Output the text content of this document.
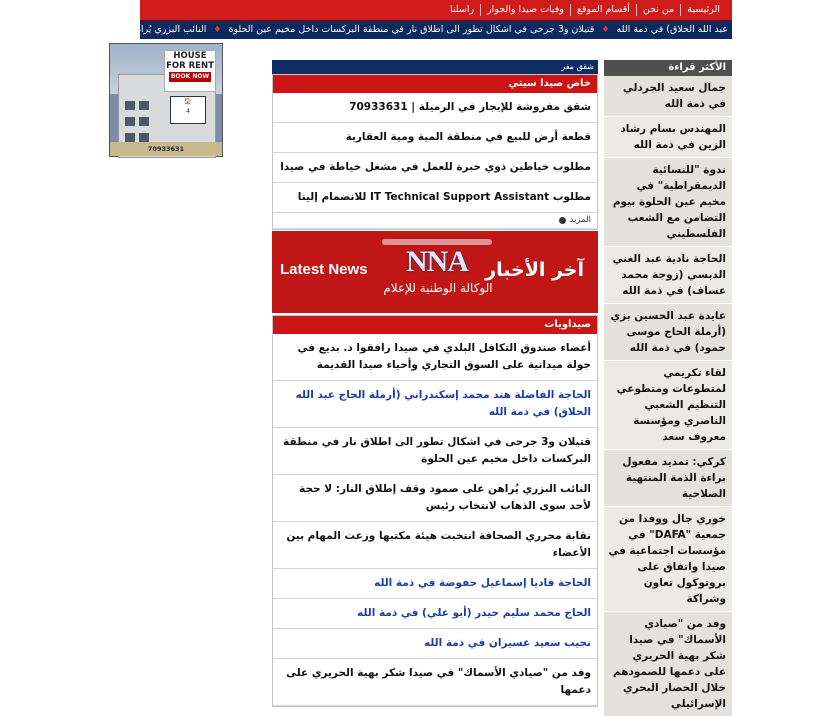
الرئيسية
من نحن
أقسام الموقع
وفيات صيدا والجوار
راسلنا
عبد الله الحلاق) في ذمة الله
♦
قتيلان و3 جرحى في اشكال تطور الى اطلاق نار في منطقة البركسات داخل مخيم عين الحلوة
♦
النائب البزري يُراهن على صمود وقف إطلاق النار: لا
HOUSE
FOR RENT
BOOK NOW
🏠
4
70933631
الأكثر قراءة
جمال سعيد الجردلي في ذمة الله
المهندس بسام رشاد الزين في ذمة الله
ندوة "للنسائية الديمقراطية" في مخيم عين الحلوة بيوم التضامن مع الشعب الفلسطيني
الحاجة نادية عبد الغني الدبسي (زوجة محمد عساف) في ذمة الله
عايدة عبد الحسين بزي (أرملة الحاج موسى حمود) في ذمة الله
لقاء تكريمي لمتطوعات ومتطوعي التنظيم الشعبي الناصري ومؤسسة معروف سعد
كركي: تمديد مفعول براءة الذمة المنتهية الصلاحية
خوري جال ووفدا من جمعية "DAFA" في مؤسسات اجتماعية في صيدا واتفاق على بروتوكول تعاون وشراكة
وفد من "صيادي الأسماك" في صيدا شكر بهية الحريري على دعمها للصمودهم خلال الحصار البحري الإسرائيلي
شقق مفر
خاص صيدا سيتي
شقق مفروشة للإيجار في الرميلة | 70933631
قطعة أرض للبيع في منطقة المية ومية العقارية
مطلوب خياطين ذوي خبرة للعمل في مشغل خياطة في صيدا
مطلوب IT Technical Support Assistant للانضمام إلينا
المزيد
Latest News	NNA
الوكالة الوطنية للإعلام
آخر الأخبار
صيداويات
أعضاء صندوق التكافل البلدي في صيدا رافقوا د. بديع في جولة ميدانية على السوق التجاري وأحياء صيدا القديمة
الحاجة الفاضلة هند محمد إسكندراني (أرملة الحاج عبد الله الحلاق) في ذمة الله
قتيلان و3 جرحى في اشكال تطور الى اطلاق نار في منطقة البركسات داخل مخيم عين الحلوة
النائب البزري يُراهن على صمود وقف إطلاق النار: لا حجة لأحد سوى الذهاب لانتخاب رئيس
نقابة محرري الصحافة انتخبت هيئة مكتبها وزعت المهام بين الأعضاء
الحاجة فاديا إسماعيل حفوضة في ذمة الله
الحاج محمد سليم حيدر (أبو علي) في ذمة الله
نجيب سعيد عسيران في ذمة الله
وفد من "صيادي الأسماك" في صيدا شكر بهية الحريري على دعمها
